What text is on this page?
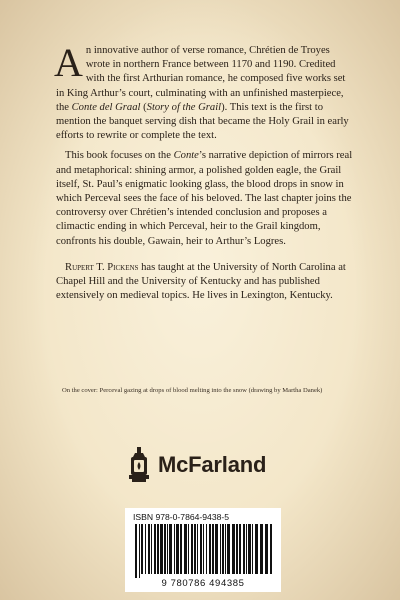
An innovative author of verse romance, Chrétien de Troyes wrote in northern France between 1170 and 1190. Credited with the first Arthurian romance, he composed five works set in King Arthur’s court, culminating with an unfinished masterpiece, the Conte del Graal (Story of the Grail). This text is the first to mention the banquet serving dish that became the Holy Grail in early efforts to rewrite or complete the text.

This book focuses on the Conte’s narrative depiction of mirrors real and metaphorical: shining armor, a polished golden eagle, the Grail itself, St. Paul’s enigmatic looking glass, the blood drops in snow in which Perceval sees the face of his beloved. The last chapter joins the controversy over Chrétien’s intended conclusion and proposes a climactic ending in which Perceval, heir to the Grail kingdom, confronts his double, Gawain, heir to Arthur’s Logres.

Rupert T. Pickens has taught at the University of North Carolina at Chapel Hill and the University of Kentucky and has published extensively on medieval topics. He lives in Lexington, Kentucky.

On the cover: Perceval gazing at drops of blood melting into the snow (drawing by Martha Danek)
McFarland
ISBN 978-0-7864-9438-5
9 780786 494385
